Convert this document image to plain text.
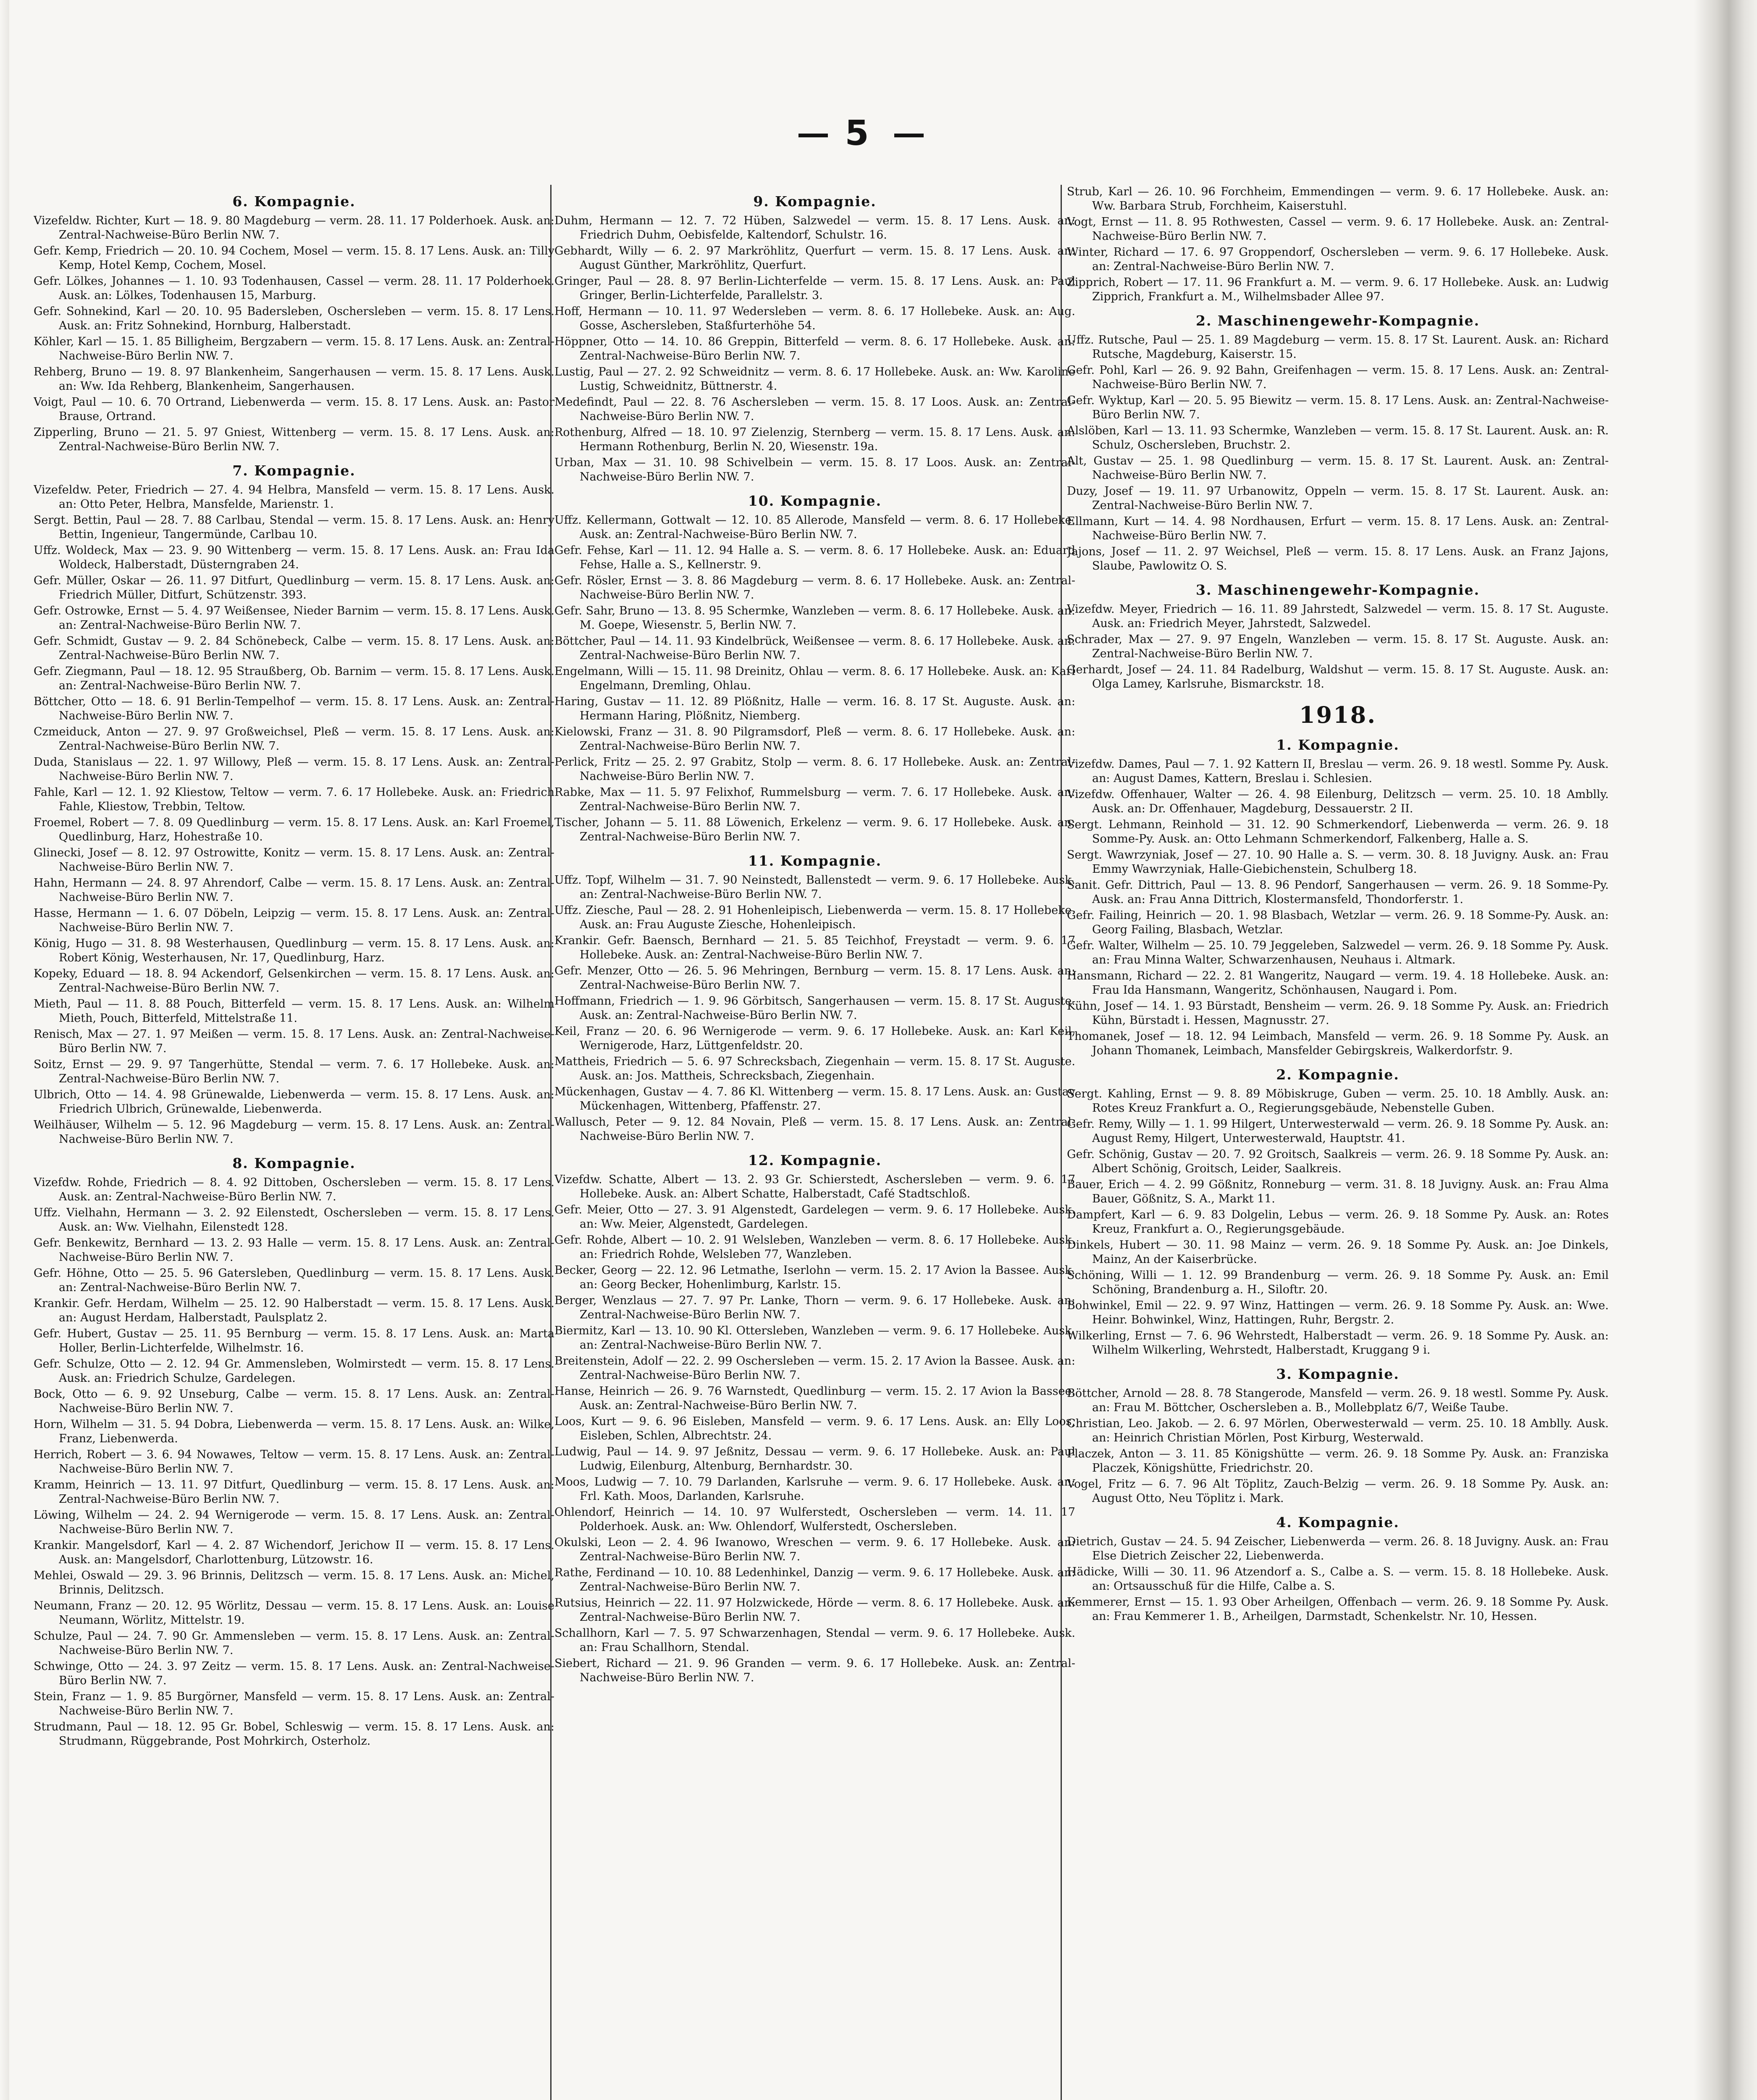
5
6. Kompagnie.
Vizefeldw. Richter, Kurt — 18. 9. 80 Magdeburg — verm. 28. 11. 17 Polderhoek. Ausk. an: Zentral-Nachweise-Büro Berlin NW. 7.
Gefr. Kemp, Friedrich — 20. 10. 94 Cochem, Mosel — verm. 15. 8. 17 Lens. Ausk. an: Tilly Kemp, Hotel Kemp, Cochem, Mosel.
Gefr. Lölkes, Johannes — 1. 10. 93 Todenhausen, Cassel — verm. 28. 11. 17 Polderhoek. Ausk. an: Lölkes, Todenhausen 15, Marburg.
Gefr. Sohnekind, Karl — 20. 10. 95 Badersleben, Oschersleben — verm. 15. 8. 17 Lens. Ausk. an: Fritz Sohnekind, Hornburg, Halberstadt.
Köhler, Karl — 15. 1. 85 Billigheim, Bergzabern — verm. 15. 8. 17 Lens. Ausk. an: Zentral-Nachweise-Büro Berlin NW. 7.
Rehberg, Bruno — 19. 8. 97 Blankenheim, Sangerhausen — verm. 15. 8. 17 Lens. Ausk. an: Ww. Ida Rehberg, Blankenheim, Sangerhausen.
Voigt, Paul — 10. 6. 70 Ortrand, Liebenwerda — verm. 15. 8. 17 Lens. Ausk. an: Pastor Brause, Ortrand.
Zipperling, Bruno — 21. 5. 97 Gniest, Wittenberg — verm. 15. 8. 17 Lens. Ausk. an: Zentral-Nachweise-Büro Berlin NW. 7.
7. Kompagnie.
Vizefeldw. Peter, Friedrich — 27. 4. 94 Helbra, Mansfeld — verm. 15. 8. 17 Lens. Ausk. an: Otto Peter, Helbra, Mansfelde, Marienstr. 1.
Sergt. Bettin, Paul — 28. 7. 88 Carlbau, Stendal — verm. 15. 8. 17 Lens. Ausk. an: Henry Bettin, Ingenieur, Tangermünde, Carlbau 10.
Uffz. Woldeck, Max — 23. 9. 90 Wittenberg — verm. 15. 8. 17 Lens. Ausk. an: Frau Ida Woldeck, Halberstadt, Düsterngraben 24.
Gefr. Müller, Oskar — 26. 11. 97 Ditfurt, Quedlinburg — verm. 15. 8. 17 Lens. Ausk. an: Friedrich Müller, Ditfurt, Schützenstr. 393.
Gefr. Ostrowke, Ernst — 5. 4. 97 Weißensee, Nieder Barnim — verm. 15. 8. 17 Lens. Ausk. an: Zentral-Nachweise-Büro Berlin NW. 7.
Gefr. Schmidt, Gustav — 9. 2. 84 Schönebeck, Calbe — verm. 15. 8. 17 Lens. Ausk. an: Zentral-Nachweise-Büro Berlin NW. 7.
Gefr. Ziegmann, Paul — 18. 12. 95 Straußberg, Ob. Barnim — verm. 15. 8. 17 Lens. Ausk. an: Zentral-Nachweise-Büro Berlin NW. 7.
Böttcher, Otto — 18. 6. 91 Berlin-Tempelhof — verm. 15. 8. 17 Lens. Ausk. an: Zentral-Nachweise-Büro Berlin NW. 7.
Czmeiduck, Anton — 27. 9. 97 Großweichsel, Pleß — verm. 15. 8. 17 Lens. Ausk. an: Zentral-Nachweise-Büro Berlin NW. 7.
Duda, Stanislaus — 22. 1. 97 Willowy, Pleß — verm. 15. 8. 17 Lens. Ausk. an: Zentral-Nachweise-Büro Berlin NW. 7.
Fahle, Karl — 12. 1. 92 Kliestow, Teltow — verm. 7. 6. 17 Hollebeke. Ausk. an: Friedrich Fahle, Kliestow, Trebbin, Teltow.
Froemel, Robert — 7. 8. 09 Quedlinburg — verm. 15. 8. 17 Lens. Ausk. an: Karl Froemel, Quedlinburg, Harz, Hohestraße 10.
Glinecki, Josef — 8. 12. 97 Ostrowitte, Konitz — verm. 15. 8. 17 Lens. Ausk. an: Zentral-Nachweise-Büro Berlin NW. 7.
Hahn, Hermann — 24. 8. 97 Ahrendorf, Calbe — verm. 15. 8. 17 Lens. Ausk. an: Zentral-Nachweise-Büro Berlin NW. 7.
Hasse, Hermann — 1. 6. 07 Döbeln, Leipzig — verm. 15. 8. 17 Lens. Ausk. an: Zentral-Nachweise-Büro Berlin NW. 7.
König, Hugo — 31. 8. 98 Westerhausen, Quedlinburg — verm. 15. 8. 17 Lens. Ausk. an: Robert König, Westerhausen, Nr. 17, Quedlinburg, Harz.
Kopeky, Eduard — 18. 8. 94 Ackendorf, Gelsenkirchen — verm. 15. 8. 17 Lens. Ausk. an: Zentral-Nachweise-Büro Berlin NW. 7.
Mieth, Paul — 11. 8. 88 Pouch, Bitterfeld — verm. 15. 8. 17 Lens. Ausk. an: Wilhelm Mieth, Pouch, Bitterfeld, Mittelstraße 11.
Renisch, Max — 27. 1. 97 Meißen — verm. 15. 8. 17 Lens. Ausk. an: Zentral-Nachweise-Büro Berlin NW. 7.
Soitz, Ernst — 29. 9. 97 Tangerhütte, Stendal — verm. 7. 6. 17 Hollebeke. Ausk. an: Zentral-Nachweise-Büro Berlin NW. 7.
Ulbrich, Otto — 14. 4. 98 Grünewalde, Liebenwerda — verm. 15. 8. 17 Lens. Ausk. an: Friedrich Ulbrich, Grünewalde, Liebenwerda.
Weilhäuser, Wilhelm — 5. 12. 96 Magdeburg — verm. 15. 8. 17 Lens. Ausk. an: Zentral-Nachweise-Büro Berlin NW. 7.
8. Kompagnie.
Vizefdw. Rohde, Friedrich — 8. 4. 92 Dittoben, Oschersleben — verm. 15. 8. 17 Lens. Ausk. an: Zentral-Nachweise-Büro Berlin NW. 7.
Uffz. Vielhahn, Hermann — 3. 2. 92 Eilenstedt, Oschersleben — verm. 15. 8. 17 Lens. Ausk. an: Ww. Vielhahn, Eilenstedt 128.
Gefr. Benkewitz, Bernhard — 13. 2. 93 Halle — verm. 15. 8. 17 Lens. Ausk. an: Zentral-Nachweise-Büro Berlin NW. 7.
Gefr. Höhne, Otto — 25. 5. 96 Gatersleben, Quedlinburg — verm. 15. 8. 17 Lens. Ausk. an: Zentral-Nachweise-Büro Berlin NW. 7.
Krankir. Gefr. Herdam, Wilhelm — 25. 12. 90 Halberstadt — verm. 15. 8. 17 Lens. Ausk. an: August Herdam, Halberstadt, Paulsplatz 2.
Gefr. Hubert, Gustav — 25. 11. 95 Bernburg — verm. 15. 8. 17 Lens. Ausk. an: Marta Holler, Berlin-Lichterfelde, Wilhelmstr. 16.
Gefr. Schulze, Otto — 2. 12. 94 Gr. Ammensleben, Wolmirstedt — verm. 15. 8. 17 Lens. Ausk. an: Friedrich Schulze, Gardelegen.
Bock, Otto — 6. 9. 92 Unseburg, Calbe — verm. 15. 8. 17 Lens. Ausk. an: Zentral-Nachweise-Büro Berlin NW. 7.
Horn, Wilhelm — 31. 5. 94 Dobra, Liebenwerda — verm. 15. 8. 17 Lens. Ausk. an: Wilke, Franz, Liebenwerda.
Herrich, Robert — 3. 6. 94 Nowawes, Teltow — verm. 15. 8. 17 Lens. Ausk. an: Zentral-Nachweise-Büro Berlin NW. 7.
Kramm, Heinrich — 13. 11. 97 Ditfurt, Quedlinburg — verm. 15. 8. 17 Lens. Ausk. an: Zentral-Nachweise-Büro Berlin NW. 7.
Löwing, Wilhelm — 24. 2. 94 Wernigerode — verm. 15. 8. 17 Lens. Ausk. an: Zentral-Nachweise-Büro Berlin NW. 7.
Krankir. Mangelsdorf, Karl — 4. 2. 87 Wichendorf, Jerichow II — verm. 15. 8. 17 Lens. Ausk. an: Mangelsdorf, Charlottenburg, Lützowstr. 16.
Mehlei, Oswald — 29. 3. 96 Brinnis, Delitzsch — verm. 15. 8. 17 Lens. Ausk. an: Michel, Brinnis, Delitzsch.
Neumann, Franz — 20. 12. 95 Wörlitz, Dessau — verm. 15. 8. 17 Lens. Ausk. an: Louise Neumann, Wörlitz, Mittelstr. 19.
Schulze, Paul — 24. 7. 90 Gr. Ammensleben — verm. 15. 8. 17 Lens. Ausk. an: Zentral-Nachweise-Büro Berlin NW. 7.
Schwinge, Otto — 24. 3. 97 Zeitz — verm. 15. 8. 17 Lens. Ausk. an: Zentral-Nachweise-Büro Berlin NW. 7.
Stein, Franz — 1. 9. 85 Burgörner, Mansfeld — verm. 15. 8. 17 Lens. Ausk. an: Zentral-Nachweise-Büro Berlin NW. 7.
Strudmann, Paul — 18. 12. 95 Gr. Bobel, Schleswig — verm. 15. 8. 17 Lens. Ausk. an: Strudmann, Rüggebrande, Post Mohrkirch, Osterholz.
9. Kompagnie.
Duhm, Hermann — 12. 7. 72 Hüben, Salzwedel — verm. 15. 8. 17 Lens. Ausk. an: Friedrich Duhm, Oebisfelde, Kaltendorf, Schulstr. 16.
Gebhardt, Willy — 6. 2. 97 Markröhlitz, Querfurt — verm. 15. 8. 17 Lens. Ausk. an: August Günther, Markröhlitz, Querfurt.
Gringer, Paul — 28. 8. 97 Berlin-Lichterfelde — verm. 15. 8. 17 Lens. Ausk. an: Paul Gringer, Berlin-Lichterfelde, Parallelstr. 3.
Hoff, Hermann — 10. 11. 97 Wedersleben — verm. 8. 6. 17 Hollebeke. Ausk. an: Aug. Gosse, Aschersleben, Staßfurterhöhe 54.
Höppner, Otto — 14. 10. 86 Greppin, Bitterfeld — verm. 8. 6. 17 Hollebeke. Ausk. an: Zentral-Nachweise-Büro Berlin NW. 7.
Lustig, Paul — 27. 2. 92 Schweidnitz — verm. 8. 6. 17 Hollebeke. Ausk. an: Ww. Karoline Lustig, Schweidnitz, Büttnerstr. 4.
Medefindt, Paul — 22. 8. 76 Aschersleben — verm. 15. 8. 17 Loos. Ausk. an: Zentral-Nachweise-Büro Berlin NW. 7.
Rothenburg, Alfred — 18. 10. 97 Zielenzig, Sternberg — verm. 15. 8. 17 Lens. Ausk. an: Hermann Rothenburg, Berlin N. 20, Wiesenstr. 19a.
Urban, Max — 31. 10. 98 Schivelbein — verm. 15. 8. 17 Loos. Ausk. an: Zentral-Nachweise-Büro Berlin NW. 7.
10. Kompagnie.
Uffz. Kellermann, Gottwalt — 12. 10. 85 Allerode, Mansfeld — verm. 8. 6. 17 Hollebeke. Ausk. an: Zentral-Nachweise-Büro Berlin NW. 7.
Gefr. Fehse, Karl — 11. 12. 94 Halle a. S. — verm. 8. 6. 17 Hollebeke. Ausk. an: Eduard Fehse, Halle a. S., Kellnerstr. 9.
Gefr. Rösler, Ernst — 3. 8. 86 Magdeburg — verm. 8. 6. 17 Hollebeke. Ausk. an: Zentral-Nachweise-Büro Berlin NW. 7.
Gefr. Sahr, Bruno — 13. 8. 95 Schermke, Wanzleben — verm. 8. 6. 17 Hollebeke. Ausk. an: M. Goepe, Wiesenstr. 5, Berlin NW. 7.
Böttcher, Paul — 14. 11. 93 Kindelbrück, Weißensee — verm. 8. 6. 17 Hollebeke. Ausk. an: Zentral-Nachweise-Büro Berlin NW. 7.
Engelmann, Willi — 15. 11. 98 Dreinitz, Ohlau — verm. 8. 6. 17 Hollebeke. Ausk. an: Karl Engelmann, Dremling, Ohlau.
Haring, Gustav — 11. 12. 89 Plößnitz, Halle — verm. 16. 8. 17 St. Auguste. Ausk. an: Hermann Haring, Plößnitz, Niemberg.
Kielowski, Franz — 31. 8. 90 Pilgramsdorf, Pleß — verm. 8. 6. 17 Hollebeke. Ausk. an: Zentral-Nachweise-Büro Berlin NW. 7.
Perlick, Fritz — 25. 2. 97 Grabitz, Stolp — verm. 8. 6. 17 Hollebeke. Ausk. an: Zentral-Nachweise-Büro Berlin NW. 7.
Rabke, Max — 11. 5. 97 Felixhof, Rummelsburg — verm. 7. 6. 17 Hollebeke. Ausk. an: Zentral-Nachweise-Büro Berlin NW. 7.
Tischer, Johann — 5. 11. 88 Löwenich, Erkelenz — verm. 9. 6. 17 Hollebeke. Ausk. an: Zentral-Nachweise-Büro Berlin NW. 7.
11. Kompagnie.
Uffz. Topf, Wilhelm — 31. 7. 90 Neinstedt, Ballenstedt — verm. 9. 6. 17 Hollebeke. Ausk. an: Zentral-Nachweise-Büro Berlin NW. 7.
Uffz. Ziesche, Paul — 28. 2. 91 Hohenleipisch, Liebenwerda — verm. 15. 8. 17 Hollebeke. Ausk. an: Frau Auguste Ziesche, Hohenleipisch.
Krankir. Gefr. Baensch, Bernhard — 21. 5. 85 Teichhof, Freystadt — verm. 9. 6. 17 Hollebeke. Ausk. an: Zentral-Nachweise-Büro Berlin NW. 7.
Gefr. Menzer, Otto — 26. 5. 96 Mehringen, Bernburg — verm. 15. 8. 17 Lens. Ausk. an: Zentral-Nachweise-Büro Berlin NW. 7.
Hoffmann, Friedrich — 1. 9. 96 Görbitsch, Sangerhausen — verm. 15. 8. 17 St. Auguste. Ausk. an: Zentral-Nachweise-Büro Berlin NW. 7.
Keil, Franz — 20. 6. 96 Wernigerode — verm. 9. 6. 17 Hollebeke. Ausk. an: Karl Keil, Wernigerode, Harz, Lüttgenfeldstr. 20.
Mattheis, Friedrich — 5. 6. 97 Schrecksbach, Ziegenhain — verm. 15. 8. 17 St. Auguste. Ausk. an: Jos. Mattheis, Schrecksbach, Ziegenhain.
Mückenhagen, Gustav — 4. 7. 86 Kl. Wittenberg — verm. 15. 8. 17 Lens. Ausk. an: Gustav Mückenhagen, Wittenberg, Pfaffenstr. 27.
Wallusch, Peter — 9. 12. 84 Novain, Pleß — verm. 15. 8. 17 Lens. Ausk. an: Zentral-Nachweise-Büro Berlin NW. 7.
12. Kompagnie.
Vizefdw. Schatte, Albert — 13. 2. 93 Gr. Schierstedt, Aschersleben — verm. 9. 6. 17 Hollebeke. Ausk. an: Albert Schatte, Halberstadt, Café Stadtschloß.
Gefr. Meier, Otto — 27. 3. 91 Algenstedt, Gardelegen — verm. 9. 6. 17 Hollebeke. Ausk. an: Ww. Meier, Algenstedt, Gardelegen.
Gefr. Rohde, Albert — 10. 2. 91 Welsleben, Wanzleben — verm. 8. 6. 17 Hollebeke. Ausk. an: Friedrich Rohde, Welsleben 77, Wanzleben.
Becker, Georg — 22. 12. 96 Letmathe, Iserlohn — verm. 15. 2. 17 Avion la Bassee. Ausk. an: Georg Becker, Hohenlimburg, Karlstr. 15.
Berger, Wenzlaus — 27. 7. 97 Pr. Lanke, Thorn — verm. 9. 6. 17 Hollebeke. Ausk. an: Zentral-Nachweise-Büro Berlin NW. 7.
Biermitz, Karl — 13. 10. 90 Kl. Ottersleben, Wanzleben — verm. 9. 6. 17 Hollebeke. Ausk. an: Zentral-Nachweise-Büro Berlin NW. 7.
Breitenstein, Adolf — 22. 2. 99 Oschersleben — verm. 15. 2. 17 Avion la Bassee. Ausk. an: Zentral-Nachweise-Büro Berlin NW. 7.
Hanse, Heinrich — 26. 9. 76 Warnstedt, Quedlinburg — verm. 15. 2. 17 Avion la Bassee. Ausk. an: Zentral-Nachweise-Büro Berlin NW. 7.
Loos, Kurt — 9. 6. 96 Eisleben, Mansfeld — verm. 9. 6. 17 Lens. Ausk. an: Elly Loos, Eisleben, Schlen, Albrechtstr. 24.
Ludwig, Paul — 14. 9. 97 Jeßnitz, Dessau — verm. 9. 6. 17 Hollebeke. Ausk. an: Paul Ludwig, Eilenburg, Altenburg, Bernhardstr. 30.
Moos, Ludwig — 7. 10. 79 Darlanden, Karlsruhe — verm. 9. 6. 17 Hollebeke. Ausk. an: Frl. Kath. Moos, Darlanden, Karlsruhe.
Ohlendorf, Heinrich — 14. 10. 97 Wulferstedt, Oschersleben — verm. 14. 11. 17 Polderhoek. Ausk. an: Ww. Ohlendorf, Wulferstedt, Oschersleben.
Okulski, Leon — 2. 4. 96 Iwanowo, Wreschen — verm. 9. 6. 17 Hollebeke. Ausk. an: Zentral-Nachweise-Büro Berlin NW. 7.
Rathe, Ferdinand — 10. 10. 88 Ledenhinkel, Danzig — verm. 9. 6. 17 Hollebeke. Ausk. an: Zentral-Nachweise-Büro Berlin NW. 7.
Rutsius, Heinrich — 22. 11. 97 Holzwickede, Hörde — verm. 8. 6. 17 Hollebeke. Ausk. an: Zentral-Nachweise-Büro Berlin NW. 7.
Schallhorn, Karl — 7. 5. 97 Schwarzenhagen, Stendal — verm. 9. 6. 17 Hollebeke. Ausk. an: Frau Schallhorn, Stendal.
Siebert, Richard — 21. 9. 96 Granden — verm. 9. 6. 17 Hollebeke. Ausk. an: Zentral-Nachweise-Büro Berlin NW. 7.
Strub, Karl — 26. 10. 96 Forchheim, Emmendingen — verm. 9. 6. 17 Hollebeke. Ausk. an: Ww. Barbara Strub, Forchheim, Kaiserstuhl.
Vogt, Ernst — 11. 8. 95 Rothwesten, Cassel — verm. 9. 6. 17 Hollebeke. Ausk. an: Zentral-Nachweise-Büro Berlin NW. 7.
Winter, Richard — 17. 6. 97 Groppendorf, Oschersleben — verm. 9. 6. 17 Hollebeke. Ausk. an: Zentral-Nachweise-Büro Berlin NW. 7.
Zipprich, Robert — 17. 11. 96 Frankfurt a. M. — verm. 9. 6. 17 Hollebeke. Ausk. an: Ludwig Zipprich, Frankfurt a. M., Wilhelmsbader Allee 97.
2. Maschinengewehr-Kompagnie.
Uffz. Rutsche, Paul — 25. 1. 89 Magdeburg — verm. 15. 8. 17 St. Laurent. Ausk. an: Richard Rutsche, Magdeburg, Kaiserstr. 15.
Gefr. Pohl, Karl — 26. 9. 92 Bahn, Greifenhagen — verm. 15. 8. 17 Lens. Ausk. an: Zentral-Nachweise-Büro Berlin NW. 7.
Gefr. Wyktup, Karl — 20. 5. 95 Biewitz — verm. 15. 8. 17 Lens. Ausk. an: Zentral-Nachweise-Büro Berlin NW. 7.
Alslöben, Karl — 13. 11. 93 Schermke, Wanzleben — verm. 15. 8. 17 St. Laurent. Ausk. an: R. Schulz, Oschersleben, Bruchstr. 2.
Alt, Gustav — 25. 1. 98 Quedlinburg — verm. 15. 8. 17 St. Laurent. Ausk. an: Zentral-Nachweise-Büro Berlin NW. 7.
Duzy, Josef — 19. 11. 97 Urbanowitz, Oppeln — verm. 15. 8. 17 St. Laurent. Ausk. an: Zentral-Nachweise-Büro Berlin NW. 7.
Ellmann, Kurt — 14. 4. 98 Nordhausen, Erfurt — verm. 15. 8. 17 Lens. Ausk. an: Zentral-Nachweise-Büro Berlin NW. 7.
Jajons, Josef — 11. 2. 97 Weichsel, Pleß — verm. 15. 8. 17 Lens. Ausk. an Franz Jajons, Slaube, Pawlowitz O. S.
3. Maschinengewehr-Kompagnie.
Vizefdw. Meyer, Friedrich — 16. 11. 89 Jahrstedt, Salzwedel — verm. 15. 8. 17 St. Auguste. Ausk. an: Friedrich Meyer, Jahrstedt, Salzwedel.
Schrader, Max — 27. 9. 97 Engeln, Wanzleben — verm. 15. 8. 17 St. Auguste. Ausk. an: Zentral-Nachweise-Büro Berlin NW. 7.
Gerhardt, Josef — 24. 11. 84 Radelburg, Waldshut — verm. 15. 8. 17 St. Auguste. Ausk. an: Olga Lamey, Karlsruhe, Bismarckstr. 18.
1918.
1. Kompagnie.
Vizefdw. Dames, Paul — 7. 1. 92 Kattern II, Breslau — verm. 26. 9. 18 westl. Somme Py. Ausk. an: August Dames, Kattern, Breslau i. Schlesien.
Vizefdw. Offenhauer, Walter — 26. 4. 98 Eilenburg, Delitzsch — verm. 25. 10. 18 Amblly. Ausk. an: Dr. Offenhauer, Magdeburg, Dessauerstr. 2 II.
Sergt. Lehmann, Reinhold — 31. 12. 90 Schmerkendorf, Liebenwerda — verm. 26. 9. 18 Somme-Py. Ausk. an: Otto Lehmann Schmerkendorf, Falkenberg, Halle a. S.
Sergt. Wawrzyniak, Josef — 27. 10. 90 Halle a. S. — verm. 30. 8. 18 Juvigny. Ausk. an: Frau Emmy Wawrzyniak, Halle-Giebichenstein, Schulberg 18.
Sanit. Gefr. Dittrich, Paul — 13. 8. 96 Pendorf, Sangerhausen — verm. 26. 9. 18 Somme-Py. Ausk. an: Frau Anna Dittrich, Klostermansfeld, Thondorferstr. 1.
Gefr. Failing, Heinrich — 20. 1. 98 Blasbach, Wetzlar — verm. 26. 9. 18 Somme-Py. Ausk. an: Georg Failing, Blasbach, Wetzlar.
Gefr. Walter, Wilhelm — 25. 10. 79 Jeggeleben, Salzwedel — verm. 26. 9. 18 Somme Py. Ausk. an: Frau Minna Walter, Schwarzenhausen, Neuhaus i. Altmark.
Hansmann, Richard — 22. 2. 81 Wangeritz, Naugard — verm. 19. 4. 18 Hollebeke. Ausk. an: Frau Ida Hansmann, Wangeritz, Schönhausen, Naugard i. Pom.
Kühn, Josef — 14. 1. 93 Bürstadt, Bensheim — verm. 26. 9. 18 Somme Py. Ausk. an: Friedrich Kühn, Bürstadt i. Hessen, Magnusstr. 27.
Thomanek, Josef — 18. 12. 94 Leimbach, Mansfeld — verm. 26. 9. 18 Somme Py. Ausk. an Johann Thomanek, Leimbach, Mansfelder Gebirgskreis, Walkerdorfstr. 9.
2. Kompagnie.
Sergt. Kahling, Ernst — 9. 8. 89 Möbiskruge, Guben — verm. 25. 10. 18 Amblly. Ausk. an: Rotes Kreuz Frankfurt a. O., Regierungsgebäude, Nebenstelle Guben.
Gefr. Remy, Willy — 1. 1. 99 Hilgert, Unterwesterwald — verm. 26. 9. 18 Somme Py. Ausk. an: August Remy, Hilgert, Unterwesterwald, Hauptstr. 41.
Gefr. Schönig, Gustav — 20. 7. 92 Groitsch, Saalkreis — verm. 26. 9. 18 Somme Py. Ausk. an: Albert Schönig, Groitsch, Leider, Saalkreis.
Bauer, Erich — 4. 2. 99 Gößnitz, Ronneburg — verm. 31. 8. 18 Juvigny. Ausk. an: Frau Alma Bauer, Gößnitz, S. A., Markt 11.
Dampfert, Karl — 6. 9. 83 Dolgelin, Lebus — verm. 26. 9. 18 Somme Py. Ausk. an: Rotes Kreuz, Frankfurt a. O., Regierungsgebäude.
Dinkels, Hubert — 30. 11. 98 Mainz — verm. 26. 9. 18 Somme Py. Ausk. an: Joe Dinkels, Mainz, An der Kaiserbrücke.
Schöning, Willi — 1. 12. 99 Brandenburg — verm. 26. 9. 18 Somme Py. Ausk. an: Emil Schöning, Brandenburg a. H., Siloftr. 20.
Bohwinkel, Emil — 22. 9. 97 Winz, Hattingen — verm. 26. 9. 18 Somme Py. Ausk. an: Wwe. Heinr. Bohwinkel, Winz, Hattingen, Ruhr, Bergstr. 2.
Wilkerling, Ernst — 7. 6. 96 Wehrstedt, Halberstadt — verm. 26. 9. 18 Somme Py. Ausk. an: Wilhelm Wilkerling, Wehrstedt, Halberstadt, Kruggang 9 i.
3. Kompagnie.
Böttcher, Arnold — 28. 8. 78 Stangerode, Mansfeld — verm. 26. 9. 18 westl. Somme Py. Ausk. an: Frau M. Böttcher, Oschersleben a. B., Mollebplatz 6/7, Weiße Taube.
Christian, Leo. Jakob. — 2. 6. 97 Mörlen, Oberwesterwald — verm. 25. 10. 18 Amblly. Ausk. an: Heinrich Christian Mörlen, Post Kirburg, Westerwald.
Placzek, Anton — 3. 11. 85 Königshütte — verm. 26. 9. 18 Somme Py. Ausk. an: Franziska Placzek, Königshütte, Friedrichstr. 20.
Vogel, Fritz — 6. 7. 96 Alt Töplitz, Zauch-Belzig — verm. 26. 9. 18 Somme Py. Ausk. an: August Otto, Neu Töplitz i. Mark.
4. Kompagnie.
Dietrich, Gustav — 24. 5. 94 Zeischer, Liebenwerda — verm. 26. 8. 18 Juvigny. Ausk. an: Frau Else Dietrich Zeischer 22, Liebenwerda.
Hädicke, Willi — 30. 11. 96 Atzendorf a. S., Calbe a. S. — verm. 15. 8. 18 Hollebeke. Ausk. an: Ortsausschuß für die Hilfe, Calbe a. S.
Kemmerer, Ernst — 15. 1. 93 Ober Arheilgen, Offenbach — verm. 26. 9. 18 Somme Py. Ausk. an: Frau Kemmerer 1. B., Arheilgen, Darmstadt, Schenkelstr. Nr. 10, Hessen.
